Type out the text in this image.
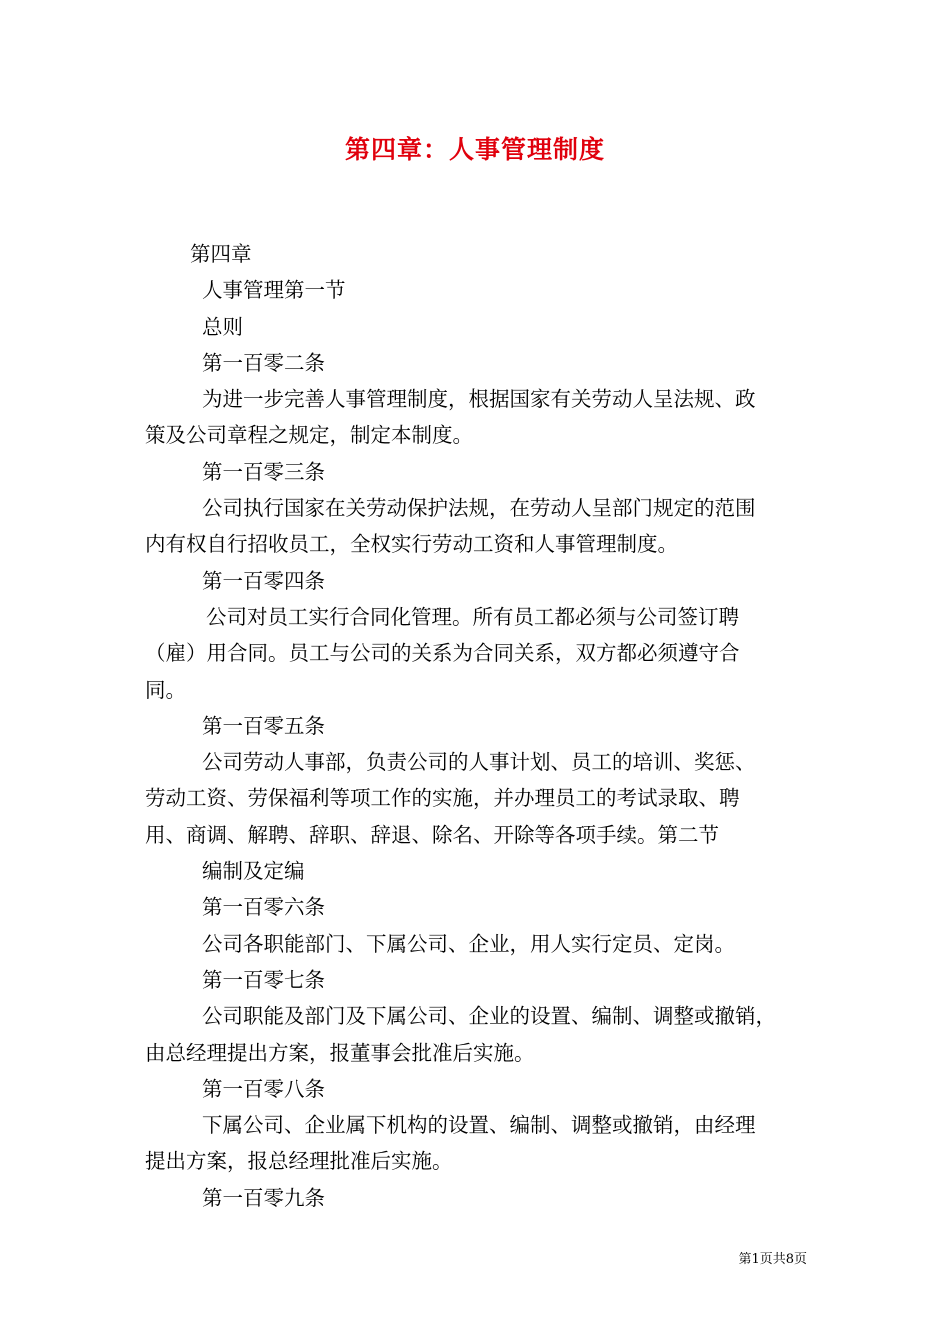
第四章：人事管理制度
第四章
人事管理第一节
总则
第一百零二条
为进一步完善人事管理制度，根据国家有关劳动人呈法规、政
策及公司章程之规定，制定本制度。
第一百零三条
公司执行国家在关劳动保护法规，在劳动人呈部门规定的范围
内有权自行招收员工，全权实行劳动工资和人事管理制度。
第一百零四条
公司对员工实行合同化管理。所有员工都必须与公司签订聘
（雇）用合同。员工与公司的关系为合同关系，双方都必须遵守合
同。
第一百零五条
公司劳动人事部，负责公司的人事计划、员工的培训、奖惩、
劳动工资、劳保福利等项工作的实施，并办理员工的考试录取、聘
用、商调、解聘、辞职、辞退、除名、开除等各项手续。第二节
编制及定编
第一百零六条
公司各职能部门、下属公司、企业，用人实行定员、定岗。
第一百零七条
公司职能及部门及下属公司、企业的设置、编制、调整或撤销，
由总经理提出方案，报董事会批准后实施。
第一百零八条
下属公司、企业属下机构的设置、编制、调整或撤销，由经理
提出方案，报总经理批准后实施。
第一百零九条
第1页共8页
